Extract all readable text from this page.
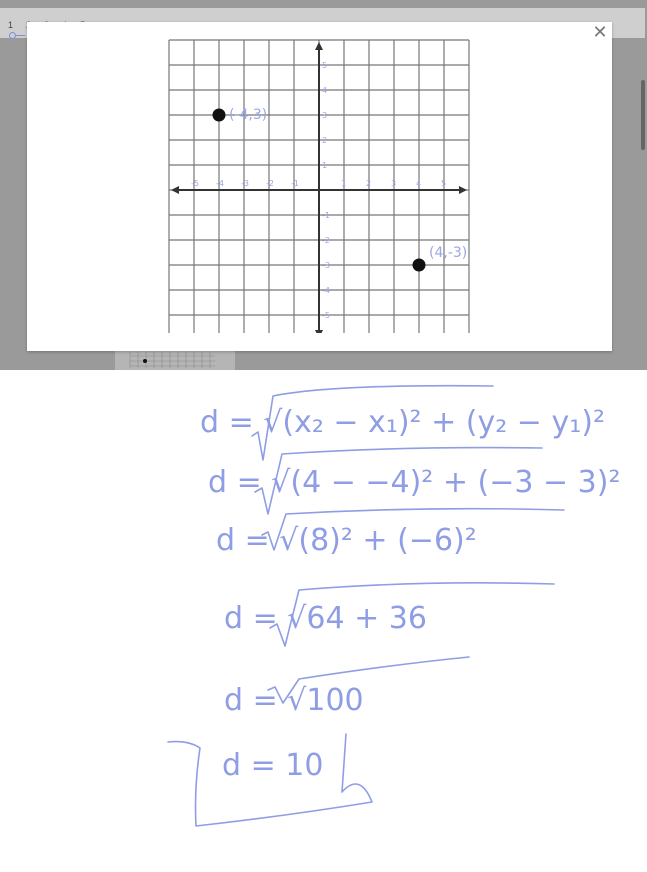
1	✕
-5 -4 -3 -2 -1	1 2 3 4 5
5
4
3
2
1
-1
-2
-3
-4
-5
(-4,3)
(4,-3)
d = √(x₂ − x₁)² + (y₂ − y₁)²
d = √(4 − −4)² + (−3 − 3)²
d = √(8)² + (−6)²
d = √64 + 36
d = √100
d = 10
